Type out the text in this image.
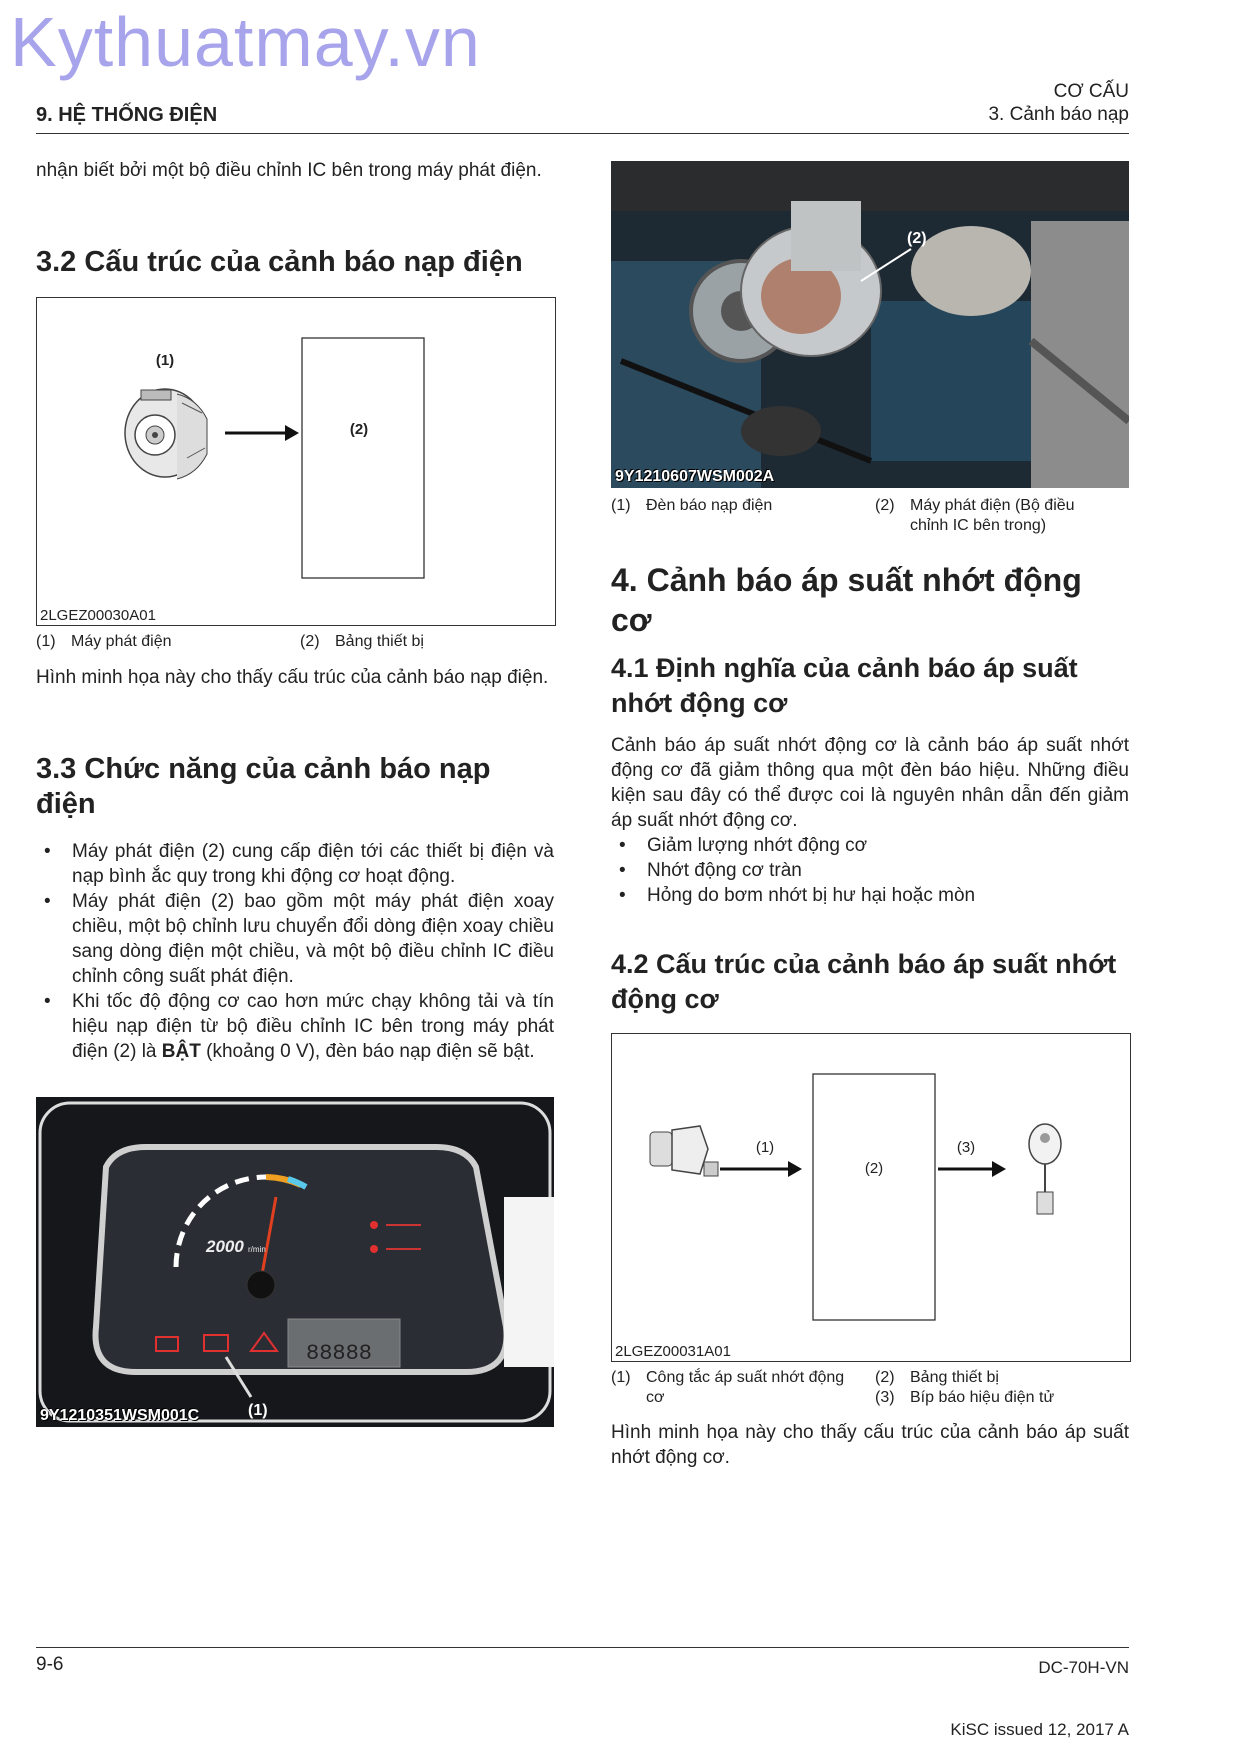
Kythuatmay.vn
9. HỆ THỐNG ĐIỆN
CƠ CẤU
3. Cảnh báo nạp
nhận biết bởi một bộ điều chỉnh IC bên trong máy phát điện.
3.2 Cấu trúc của cảnh báo nạp điện
(1)
(2)
2LGEZ00030A01
(1) Máy phát điện	(2) Bảng thiết bị
Hình minh họa này cho thấy cấu trúc của cảnh báo nạp điện.
3.3 Chức năng của cảnh báo nạp điện
• Máy phát điện (2) cung cấp điện tới các thiết bị điện và nạp bình ắc quy trong khi động cơ hoạt động.
• Máy phát điện (2) bao gồm một máy phát điện xoay chiều, một bộ chỉnh lưu chuyển đổi dòng điện xoay chiều sang dòng điện một chiều, và một bộ điều chỉnh IC điều chỉnh công suất phát điện.
• Khi tốc độ động cơ cao hơn mức chạy không tải và tín hiệu nạp điện từ bộ điều chỉnh IC bên trong máy phát điện (2) là BẬT (khoảng 0 V), đèn báo nạp điện sẽ bật.
2000 r/min
88888
(1)
9Y1210351WSM001C
(2)
9Y1210607WSM002A
(1) Đèn báo nạp điện	(2) Máy phát điện (Bộ điều chỉnh IC bên trong)
4. Cảnh báo áp suất nhớt động cơ
4.1 Định nghĩa của cảnh báo áp suất nhớt động cơ
Cảnh báo áp suất nhớt động cơ là cảnh báo áp suất nhớt động cơ đã giảm thông qua một đèn báo hiệu. Những điều kiện sau đây có thể được coi là nguyên nhân dẫn đến giảm áp suất nhớt động cơ.
• Giảm lượng nhớt động cơ
• Nhớt động cơ tràn
• Hỏng do bơm nhớt bị hư hại hoặc mòn
4.2 Cấu trúc của cảnh báo áp suất nhớt động cơ
(1)
(2)
(3)
2LGEZ00031A01
(1) Công tắc áp suất nhớt động cơ
(2) Bảng thiết bị
(3) Bíp báo hiệu điện tử
Hình minh họa này cho thấy cấu trúc của cảnh báo áp suất nhớt động cơ.
9-6	DC-70H-VN
KiSC issued 12, 2017 A
